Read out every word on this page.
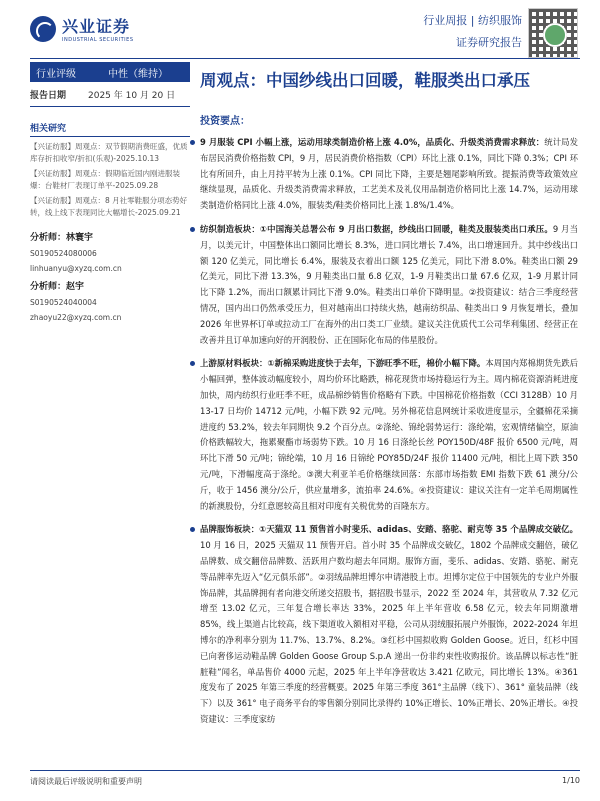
兴业证券
INDUSTRIAL SECURITIES
行业周报 | 纺织服饰
证券研究报告
行业评级	中性（维持）
报告日期	2025 年 10 月 20 日
相关研究
【兴证纺服】周观点：双节假期消费旺盛，优质库存折扣收窄/折扣(乐观)-2025.10.13
【兴证纺服】周观点：假期临近国内刚进服装爆：台鞋材厂表现订单平-2025.09.28
【兴证纺服】周观点：8 月社零鞋服分项态势好转，线上线下表现同比大幅增长-2025.09.21
分析师：林寰宇
S0190524080006
linhuanyu@xyzq.com.cn
分析师：赵宇
S0190524040004
zhaoyu22@xyzq.com.cn
周观点：中国纱线出口回暖，鞋服类出口承压
投资要点：
9 月服装 CPI 小幅上涨，运动用球类制造价格上涨 4.0%，品质化、升级类消费需求释放：统计局发布居民消费价格指数 CPI，9 月，居民消费价格指数（CPI）环比上涨 0.1%，同比下降 0.3%；CPI 环比有所回升，由上月持平转为上涨 0.1%。CPI 同比下降，主要是翘尾影响所致。提振消费等政策效应继续显现，品质化、升级类消费需求释放，工艺美术及礼仪用品制造价格同比上涨 14.7%，运动用球类制造价格同比上涨 4.0%，服装类/鞋类价格同比上涨 1.8%/1.4%。
纺织制造板块：①中国海关总署公布 9 月出口数据，纱线出口回暖，鞋类及服装类出口承压。9 月当月，以美元计，中国整体出口额同比增长 8.3%，进口同比增长 7.4%，出口增速回升。其中纱线出口额 120 亿美元，同比增长 6.4%，服装及衣着出口额 125 亿美元，同比下滑 8.0%。鞋类出口额 29 亿美元，同比下滑 13.3%，9 月鞋类出口量 6.8 亿双，1-9 月鞋类出口量 67.6 亿双，1-9 月累计同比下降 1.2%，而出口额累计同比下滑 9.0%。鞋类出口单价下降明显。②投资建议：结合三季度经营情况，国内出口仍然承受压力，但对越南出口持续火热，越南纺织品、鞋类出口 9 月恢复增长，叠加 2026 年世界杯订单或拉动工厂在海外的出口类工厂业绩。建议关注优质代工公司华利集团、经营正在改善并且订单加速向好的开润股份、正在国际化布局的伟星股份。
上游原材料板块：①新棉采购进度快于去年，下游旺季不旺，棉价小幅下降。本周国内郑棉期货先跌后小幅回弹，整体波动幅度较小，周均价环比略跌，棉花现货市场持稳运行为主。周内棉花资源消耗进度加快，周内纺织行业旺季不旺，成品棉纱销售价格略有下跌。中国棉花价格指数（CCI 3128B）10 月 13-17 日均价 14712 元/吨，小幅下跌 92 元/吨。另外棉花信息网统计采收进度显示，全疆棉花采摘进度约 53.2%，较去年同期快 9.2 个百分点。②涤纶、锦纶弱势运行：涤纶端，宏观情绪偏空，原油价格跌幅较大，拖累聚酯市场弱势下跌。10 月 16 日涤纶长丝 POY150D/48F 报价 6500 元/吨，周环比下滑 50 元/吨；锦纶端，10 月 16 日锦纶 POY85D/24F 报价 11400 元/吨，相比上周下跌 350 元/吨，下滑幅度高于涤纶。③澳大利亚羊毛价格继续回落：东部市场指数 EMI 指数下跌 61 澳分/公斤，收于 1456 澳分/公斤，供应量增多，流拍率 24.6%。④投资建议：建议关注有一定羊毛周期属性的新澳股份，分红意愿较高且相对印度有关税优势的百隆东方。
品牌服饰板块：①天猫双 11 预售首小时斐乐、adidas、安踏、骆驼、耐克等 35 个品牌成交破亿。10 月 16 日，2025 天猫双 11 预售开启。首小时 35 个品牌成交破亿，1802 个品牌成交翻倍，破亿品牌数、成交翻倍品牌数、活跃用户数均超去年同期。服饰方面，斐乐、adidas、安踏、骆驼、耐克等品牌率先迈入“亿元俱乐部”。②羽绒品牌坦博尔申请港股上市。坦博尔定位于中国领先的专业户外服饰品牌，其品牌拥有者向港交所递交招股书，据招股书显示，2022 至 2024 年，其营收从 7.32 亿元增至 13.02 亿元，三年复合增长率达 33%，2025 年上半年营收 6.58 亿元，较去年同期激增 85%，线上渠道占比较高，线下渠道收入额相对平稳，公司从羽绒服拓展户外服饰，2022-2024 年坦博尔的净利率分别为 11.7%、13.7%、8.2%。③红杉中国拟收购 Golden Goose。近日，红杉中国已向奢侈运动鞋品牌 Golden Goose Group S.p.A 递出一份非约束性收购报价。该品牌以标志性“脏脏鞋”闻名，单品售价 4000 元起，2025 年上半年净营收达 3.421 亿欧元，同比增长 13%。④361 度发布了 2025 年第三季度的经营概要。2025 年第三季度 361°主品牌（线下）、361° 童装品牌（线下）以及 361° 电子商务平台的零售额分别同比录得约 10%正增长、10%正增长、20%正增长。④投资建议：三季度家纺
请阅读最后评级说明和重要声明	1/10
